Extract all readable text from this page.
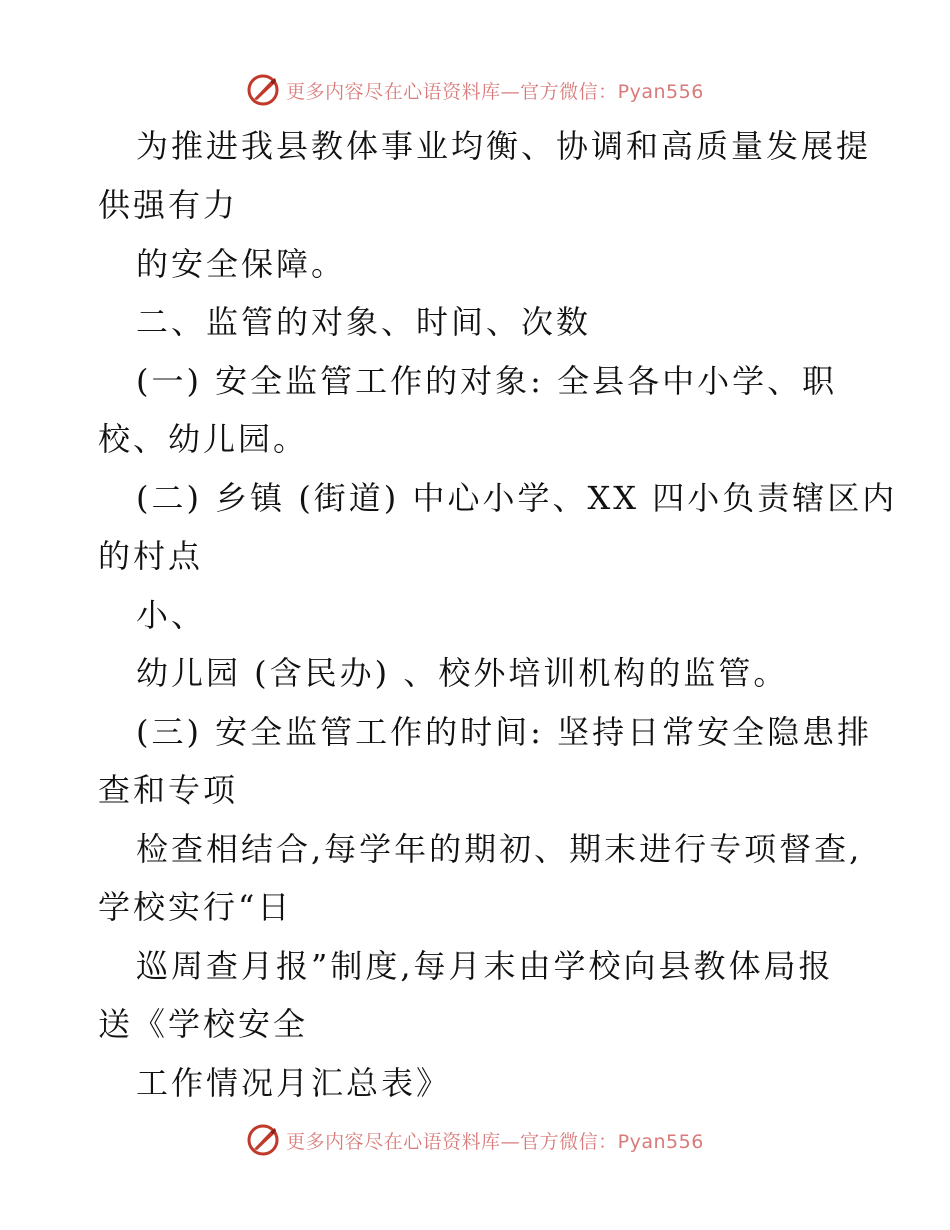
更多内容尽在心语资料库—官方微信：Pyan556
为推进我县教体事业均衡、协调和高质量发展提
供强有力
的安全保障。
二、监管的对象、时间、次数
(一) 安全监管工作的对象: 全县各中小学、职
校、幼儿园。
(二) 乡镇 (街道) 中心小学、XX 四小负责辖区内
的村点
小、
幼儿园 (含民办) 、校外培训机构的监管。
(三) 安全监管工作的时间: 坚持日常安全隐患排
查和专项
检查相结合,每学年的期初、期末进行专项督查,
学校实行“日
巡周查月报”制度,每月末由学校向县教体局报
送《学校安全
工作情况月汇总表》
更多内容尽在心语资料库—官方微信：Pyan556
